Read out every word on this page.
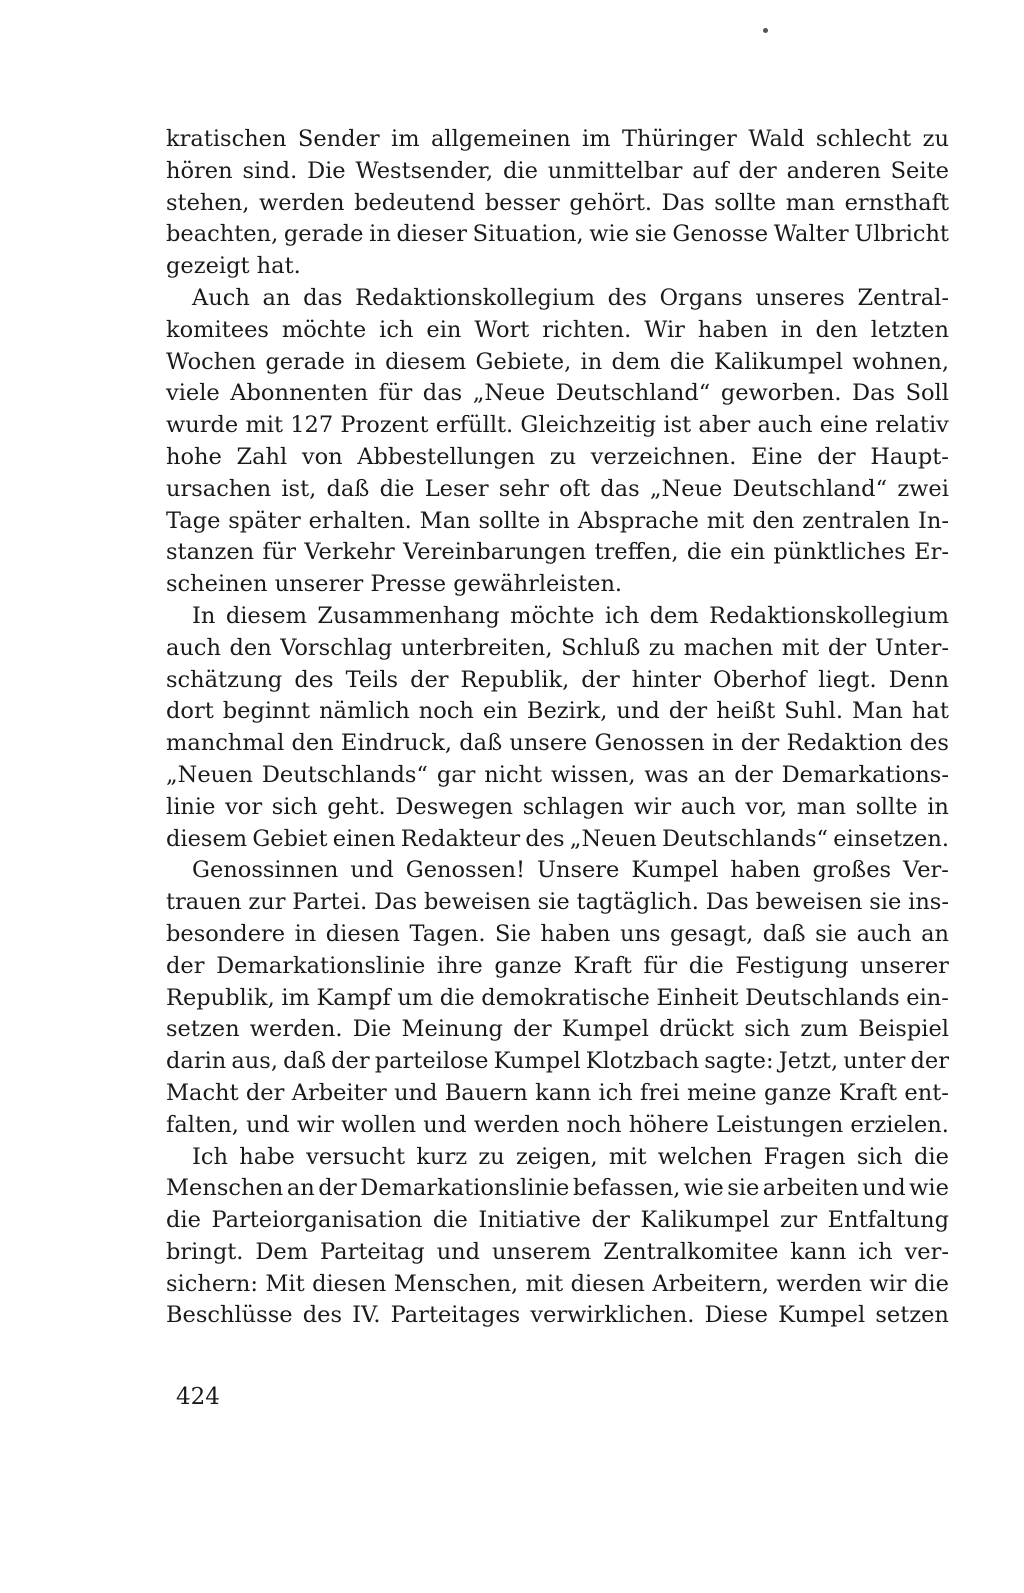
kratischen Sender im allgemeinen im Thüringer Wald schlecht zu
hören sind. Die Westsender, die unmittelbar auf der anderen Seite
stehen, werden bedeutend besser gehört. Das sollte man ernsthaft
beachten, gerade in dieser Situation, wie sie Genosse Walter Ulbricht
gezeigt hat.
Auch an das Redaktionskollegium des Organs unseres Zentral-
komitees möchte ich ein Wort richten. Wir haben in den letzten
Wochen gerade in diesem Gebiete, in dem die Kalikumpel wohnen,
viele Abonnenten für das „Neue Deutschland“ geworben. Das Soll
wurde mit 127 Prozent erfüllt. Gleichzeitig ist aber auch eine relativ
hohe Zahl von Abbestellungen zu verzeichnen. Eine der Haupt-
ursachen ist, daß die Leser sehr oft das „Neue Deutschland“ zwei
Tage später erhalten. Man sollte in Absprache mit den zentralen In-
stanzen für Verkehr Vereinbarungen treffen, die ein pünktliches Er-
scheinen unserer Presse gewährleisten.
In diesem Zusammenhang möchte ich dem Redaktionskollegium
auch den Vorschlag unterbreiten, Schluß zu machen mit der Unter-
schätzung des Teils der Republik, der hinter Oberhof liegt. Denn
dort beginnt nämlich noch ein Bezirk, und der heißt Suhl. Man hat
manchmal den Eindruck, daß unsere Genossen in der Redaktion des
„Neuen Deutschlands“ gar nicht wissen, was an der Demarkations-
linie vor sich geht. Deswegen schlagen wir auch vor, man sollte in
diesem Gebiet einen Redakteur des „Neuen Deutschlands“ einsetzen.
Genossinnen und Genossen! Unsere Kumpel haben großes Ver-
trauen zur Partei. Das beweisen sie tagtäglich. Das beweisen sie ins-
besondere in diesen Tagen. Sie haben uns gesagt, daß sie auch an
der Demarkationslinie ihre ganze Kraft für die Festigung unserer
Republik, im Kampf um die demokratische Einheit Deutschlands ein-
setzen werden. Die Meinung der Kumpel drückt sich zum Beispiel
darin aus, daß der parteilose Kumpel Klotzbach sagte: Jetzt, unter der
Macht der Arbeiter und Bauern kann ich frei meine ganze Kraft ent-
falten, und wir wollen und werden noch höhere Leistungen erzielen.
Ich habe versucht kurz zu zeigen, mit welchen Fragen sich die
Menschen an der Demarkationslinie befassen, wie sie arbeiten und wie
die Parteiorganisation die Initiative der Kalikumpel zur Entfaltung
bringt. Dem Parteitag und unserem Zentralkomitee kann ich ver-
sichern: Mit diesen Menschen, mit diesen Arbeitern, werden wir die
Beschlüsse des IV. Parteitages verwirklichen. Diese Kumpel setzen
424
